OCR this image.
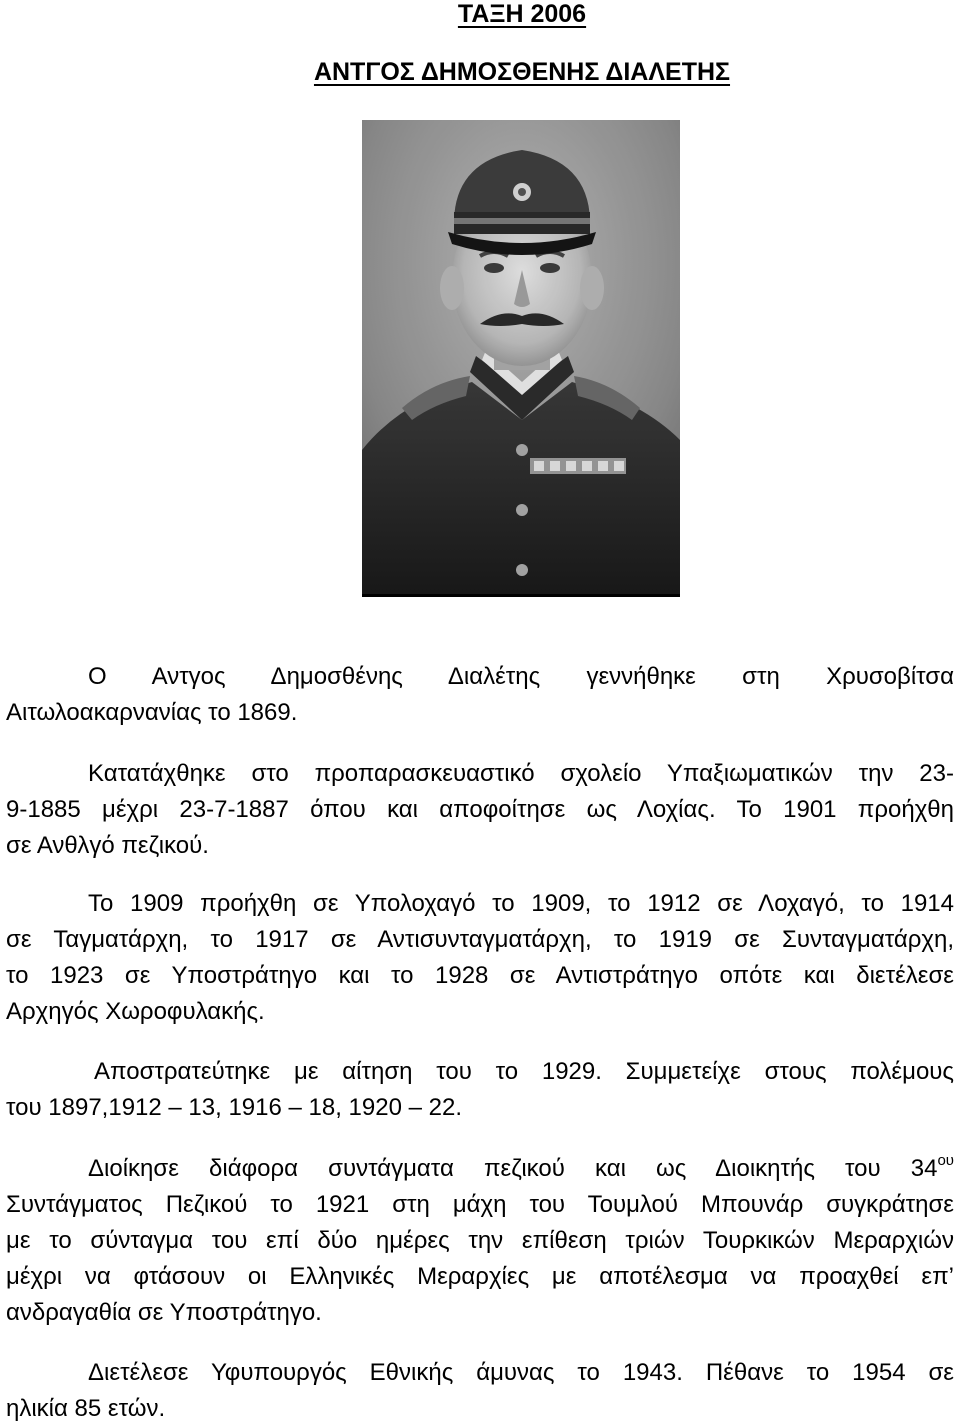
ΤΑΞΗ 2006
ΑΝΤΓΟΣ ΔΗΜΟΣΘΕΝΗΣ ΔΙΑΛΕΤΗΣ
Ο Αντγος Δημοσθένης Διαλέτης γεννήθηκε στη Χρυσοβίτσα
Αιτωλοακαρνανίας το 1869.
Κατατάχθηκε στο προπαρασκευαστικό σχολείο Υπαξιωματικών την 23-
9-1885 μέχρι 23-7-1887 όπου και αποφοίτησε ως Λοχίας. Το 1901 προήχθη
σε Ανθλγό πεζικού.
Το 1909 προήχθη σε Υπολοχαγό το 1909, το 1912 σε Λοχαγό, το 1914
σε Ταγματάρχη, το 1917 σε Αντισυνταγματάρχη, το 1919 σε Συνταγματάρχη,
το 1923 σε Υποστράτηγο και το 1928 σε Αντιστράτηγο οπότε και διετέλεσε
Αρχηγός Χωροφυλακής.
Αποστρατεύτηκε με αίτηση του το 1929. Συμμετείχε στους πολέμους
του 1897,1912 – 13, 1916 – 18, 1920 – 22.
Διοίκησε διάφορα συντάγματα πεζικού και ως Διοικητής του $34^{o\upsilon}$
Συντάγματος Πεζικού το 1921 στη μάχη του Τουμλού Μπουνάρ συγκράτησε
με το σύνταγμα του επί δύο ημέρες την επίθεση τριών Τουρκικών Μεραρχιών
μέχρι να φτάσουν οι Ελληνικές Μεραρχίες με αποτέλεσμα να προαχθεί επ’
ανδραγαθία σε Υποστράτηγο.
Διετέλεσε Υφυπουργός Εθνικής άμυνας το 1943. Πέθανε το 1954 σε
ηλικία 85 ετών.
